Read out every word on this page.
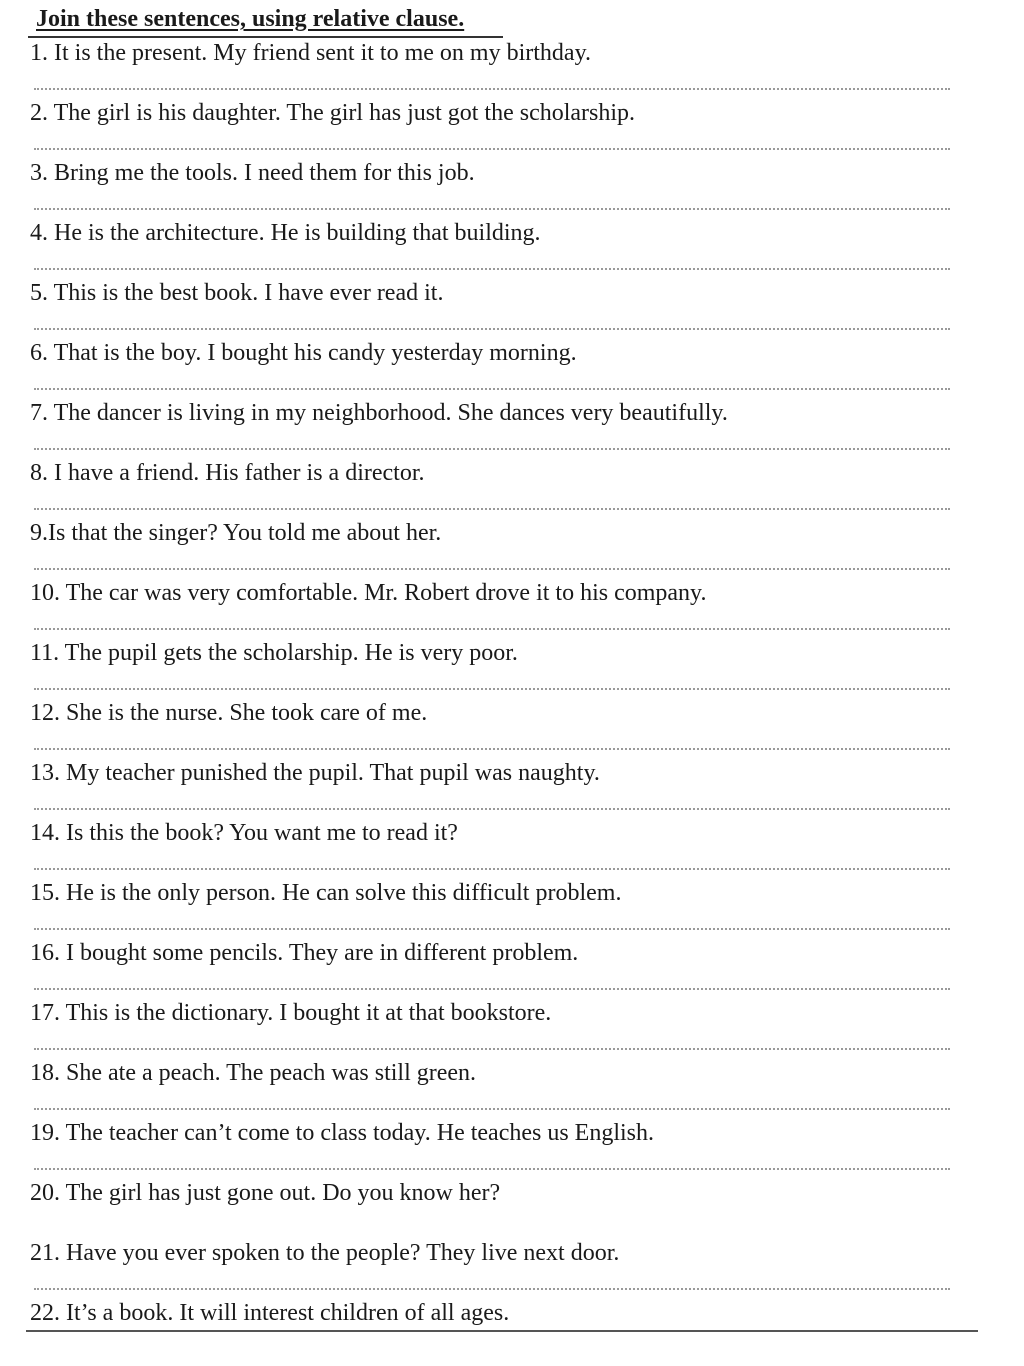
Join these sentences, using relative clause.
1. It is the present. My friend sent it to me on my birthday.
2. The girl is his daughter. The girl has just got the scholarship.
3. Bring me the tools. I need them for this job.
4. He is the architecture. He is building that building.
5. This is the best book. I have ever read it.
6. That is the boy. I bought his candy yesterday morning.
7. The dancer is living in my neighborhood. She dances very beautifully.
8. I have a friend. His father is a director.
9.Is that the singer? You told me about her.
10. The car was very comfortable. Mr. Robert drove it to his company.
11. The pupil gets the scholarship. He is very poor.
12. She is the nurse. She took care of me.
13. My teacher punished the pupil. That pupil was naughty.
14. Is this the book? You want me to read it?
15. He is the only person. He can solve this difficult problem.
16. I bought some pencils. They are in different problem.
17. This is the dictionary. I bought it at that bookstore.
18. She ate a peach. The peach was still green.
19. The teacher can’t come to class today. He teaches us English.
20. The girl has just gone out. Do you know her?
21. Have you ever spoken to the people? They live next door.
22. It’s a book. It will interest children of all ages.
